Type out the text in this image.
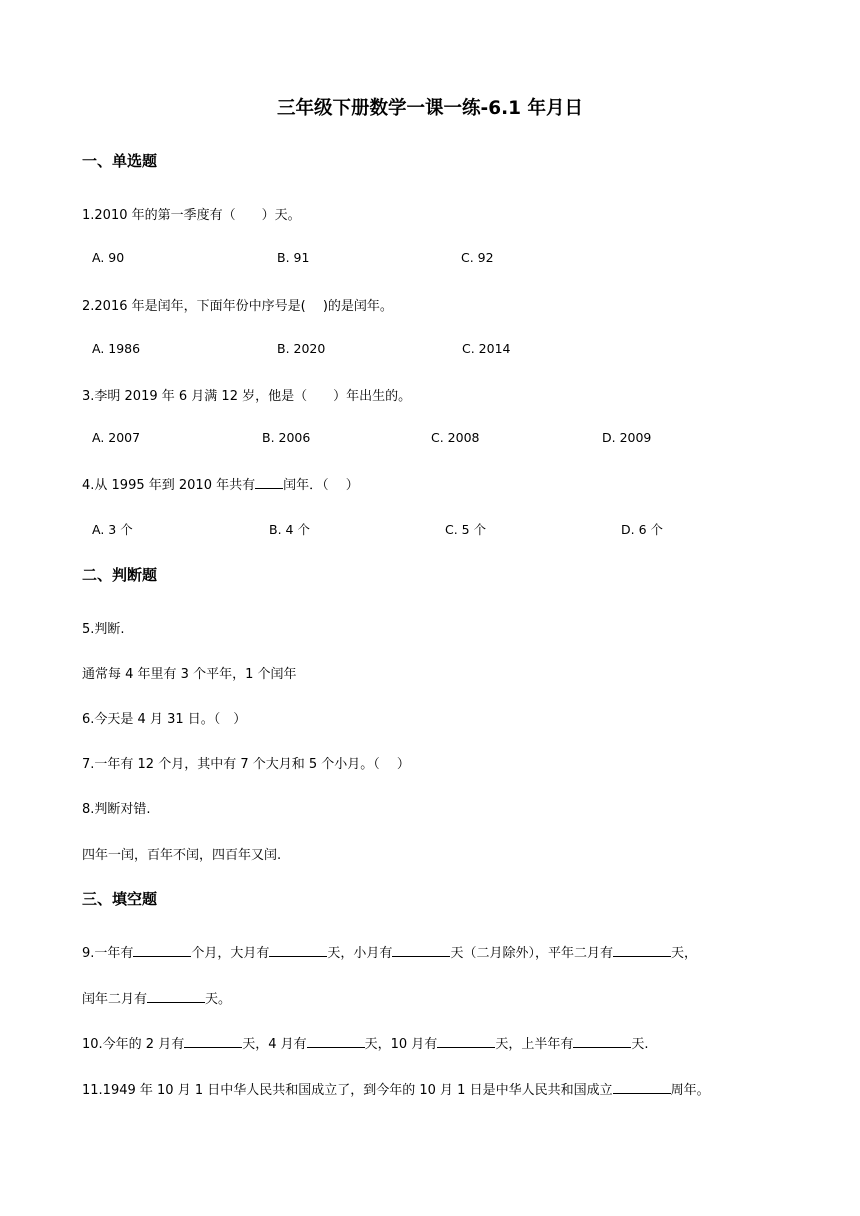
三年级下册数学一课一练-6.1 年月日
一、单选题
1.2010 年的第一季度有（　　）天。
A. 90	B. 91	C. 92
2.2016 年是闰年，下面年份中序号是(　 )的是闰年。
A. 1986	B. 2020	C. 2014
3.李明 2019 年 6 月满 12 岁，他是（　　）年出生的。
A. 2007	B. 2006	C. 2008	D. 2009
4.从 1995 年到 2010 年共有 闰年．（　 ）
A. 3 个	B. 4 个	C. 5 个	D. 6 个
二、判断题
5.判断.
通常每 4 年里有 3 个平年，1 个闰年
6.今天是 4 月 31 日。（　）
7.一年有 12 个月，其中有 7 个大月和 5 个小月。（　 ）
8.判断对错.
四年一闰，百年不闰，四百年又闰.
三、填空题
9.一年有	个月，大月有	天，小月有	天（二月除外），平年二月有	天，
闰年二月有	天。
10.今年的 2 月有	天，4 月有	天，10 月有	天，上半年有	天.
11.1949 年 10 月 1 日中华人民共和国成立了，到今年的 10 月 1 日是中华人民共和国成立	周年。
